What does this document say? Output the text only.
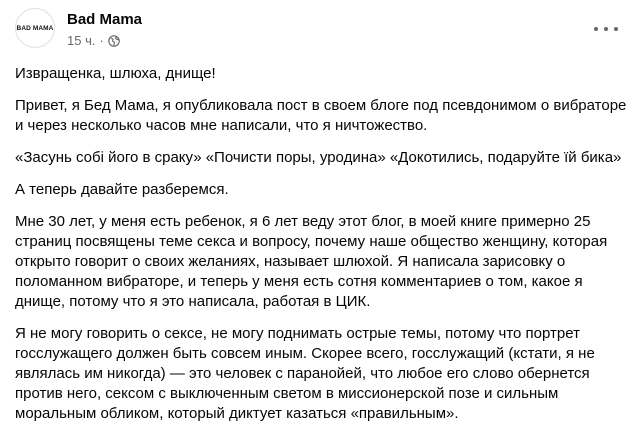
BAD MAMA Bad Mama
15 ч. ·

Извращенка, шлюха, днище!

Привет, я Бед Мама, я опубликовала пост в своем блоге под псевдонимом о вибраторе и через несколько часов мне написали, что я ничтожество.

«Засунь собі його в сраку» «Почисти поры, уродина» «Докотились, подаруйте їй бика»

А теперь давайте разберемся.

Мне 30 лет, у меня есть ребенок, я 6 лет веду этот блог, в моей книге примерно 25 страниц посвящены теме секса и вопросу, почему наше общество женщину, которая открыто говорит о своих желаниях, называет шлюхой. Я написала зарисовку о поломанном вибраторе, и теперь у меня есть сотня комментариев о том, какое я днище, потому что я это написала, работая в ЦИК.

Я не могу говорить о сексе, не могу поднимать острые темы, потому что портрет госслужащего должен быть совсем иным. Скорее всего, госслужащий (кстати, я не являлась им никогда) — это человек с паранойей, что любое его слово обернется против него, сексом с выключенным светом в миссионерской позе и сильным моральным обликом, который диктует казаться «правильным».
